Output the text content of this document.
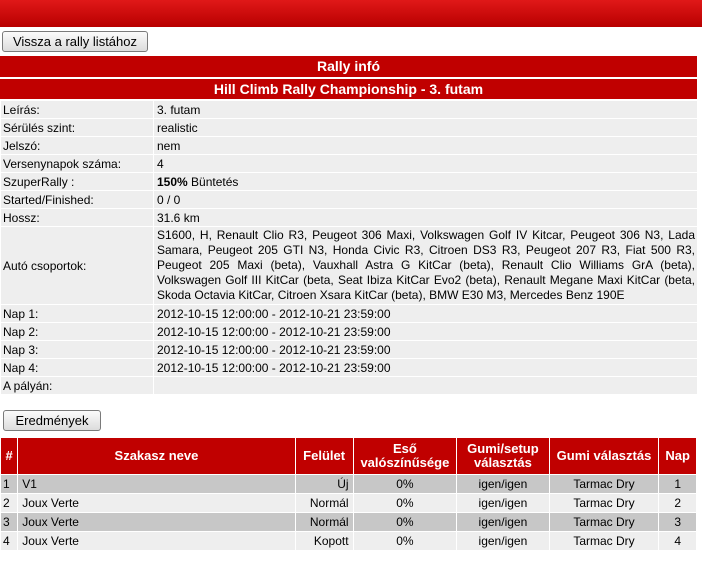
Vissza a rally listához
Rally infó
Hill Climb Rally Championship - 3. futam
Leírás:	3. futam
Sérülés szint:	realistic
Jelszó:	nem
Versenynapok száma:	4
SzuperRally :	150% Büntetés
Started/Finished:	0 / 0
Hossz:	31.6 km
Autó csoportok:	S1600, H, Renault Clio R3, Peugeot 306 Maxi, Volkswagen Golf IV Kitcar, Peugeot 306 N3, Lada Samara, Peugeot 205 GTI N3, Honda Civic R3, Citroen DS3 R3, Peugeot 207 R3, Fiat 500 R3, Peugeot 205 Maxi (beta), Vauxhall Astra G KitCar (beta), Renault Clio Williams GrA (beta), Volkswagen Golf III KitCar (beta, Seat Ibiza KitCar Evo2 (beta), Renault Megane Maxi KitCar (beta, Skoda Octavia KitCar, Citroen Xsara KitCar (beta), BMW E30 M3, Mercedes Benz 190E
Nap 1:	2012-10-15 12:00:00 - 2012-10-21 23:59:00
Nap 2:	2012-10-15 12:00:00 - 2012-10-21 23:59:00
Nap 3:	2012-10-15 12:00:00 - 2012-10-21 23:59:00
Nap 4:	2012-10-15 12:00:00 - 2012-10-21 23:59:00
A pályán:	
Eredmények
#	Szakasz neve	Felület	Eső valószínűsége	Gumi/setup választás	Gumi választás	Nap
1	V1	Új	0%	igen/igen	Tarmac Dry	1
2	Joux Verte	Normál	0%	igen/igen	Tarmac Dry	2
3	Joux Verte	Normál	0%	igen/igen	Tarmac Dry	3
4	Joux Verte	Kopott	0%	igen/igen	Tarmac Dry	4
